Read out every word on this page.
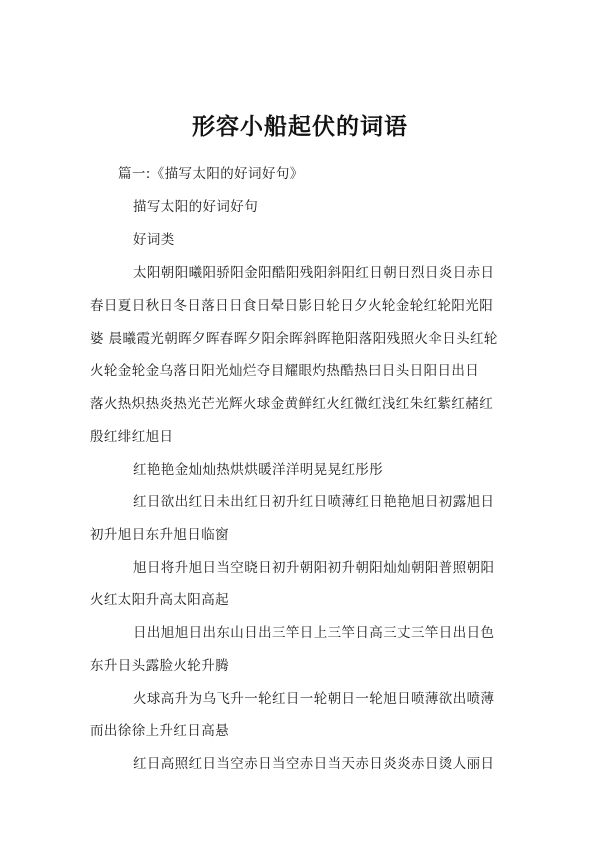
形容小船起伏的词语
篇一:《描写太阳的好词好句》
描写太阳的好词好句
好词类
太阳朝阳曦阳骄阳金阳酷阳残阳斜阳红日朝日烈日炎日赤日
春日夏日秋日冬日落日日食日晕日影日轮日夕火轮金轮红轮阳光阳
婆 晨曦霞光朝晖夕晖春晖夕阳余晖斜晖艳阳落阳残照火伞日头红轮
火轮金轮金乌落日阳光灿烂夺目耀眼灼热酷热曰日头日阳日出日
落火热炽热炎热光芒光辉火球金黄鲜红火红微红浅红朱红紫红赭红
殷红绯红旭日
红艳艳金灿灿热烘烘暖洋洋明晃晃红彤彤
红日欲出红日未出红日初升红日喷薄红日艳艳旭日初露旭日
初升旭日东升旭日临窗
旭日将升旭日当空晓日初升朝阳初升朝阳灿灿朝阳普照朝阳
火红太阳升高太阳高起
日出旭旭日出东山日出三竿日上三竿日高三丈三竿日出日色
东升日头露脸火轮升腾
火球高升为乌飞升一轮红日一轮朝日一轮旭日喷薄欲出喷薄
而出徐徐上升红日高悬
红日高照红日当空赤日当空赤日当天赤日炎炎赤日烫人丽日
